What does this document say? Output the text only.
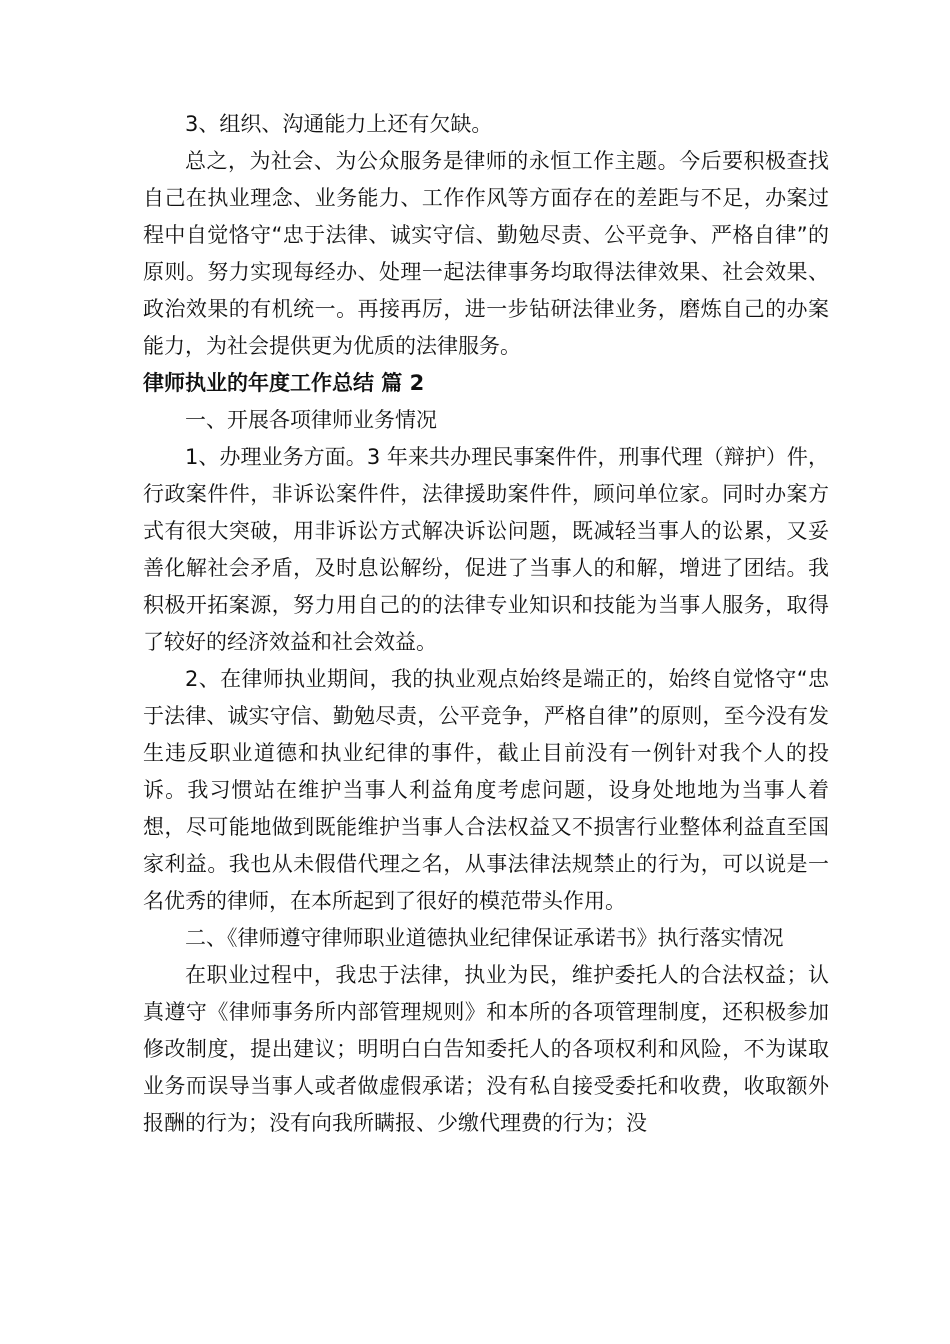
3、组织、沟通能力上还有欠缺。

总之，为社会、为公众服务是律师的永恒工作主题。今后要积极查找自己在执业理念、业务能力、工作作风等方面存在的差距与不足，办案过程中自觉恪守“忠于法律、诚实守信、勤勉尽责、公平竞争、严格自律”的原则。努力实现每经办、处理一起法律事务均取得法律效果、社会效果、政治效果的有机统一。再接再厉，进一步钻研法律业务，磨炼自己的办案能力，为社会提供更为优质的法律服务。

律师执业的年度工作总结 篇 2

一、开展各项律师业务情况

1、办理业务方面。3 年来共办理民事案件件，刑事代理（辩护）件，行政案件件，非诉讼案件件，法律援助案件件，顾问单位家。同时办案方式有很大突破，用非诉讼方式解决诉讼问题，既减轻当事人的讼累，又妥善化解社会矛盾，及时息讼解纷，促进了当事人的和解，增进了团结。我积极开拓案源，努力用自己的的法律专业知识和技能为当事人服务，取得了较好的经济效益和社会效益。

2、在律师执业期间，我的执业观点始终是端正的，始终自觉恪守“忠于法律、诚实守信、勤勉尽责，公平竞争，严格自律”的原则，至今没有发生违反职业道德和执业纪律的事件，截止目前没有一例针对我个人的投诉。我习惯站在维护当事人利益角度考虑问题，设身处地地为当事人着想，尽可能地做到既能维护当事人合法权益又不损害行业整体利益直至国家利益。我也从未假借代理之名，从事法律法规禁止的行为，可以说是一名优秀的律师，在本所起到了很好的模范带头作用。

二、《律师遵守律师职业道德执业纪律保证承诺书》执行落实情况

在职业过程中，我忠于法律，执业为民，维护委托人的合法权益；认真遵守《律师事务所内部管理规则》和本所的各项管理制度，还积极参加修改制度，提出建议；明明白白告知委托人的各项权利和风险，不为谋取业务而误导当事人或者做虚假承诺；没有私自接受委托和收费，收取额外报酬的行为；没有向我所瞒报、少缴代理费的行为；没
